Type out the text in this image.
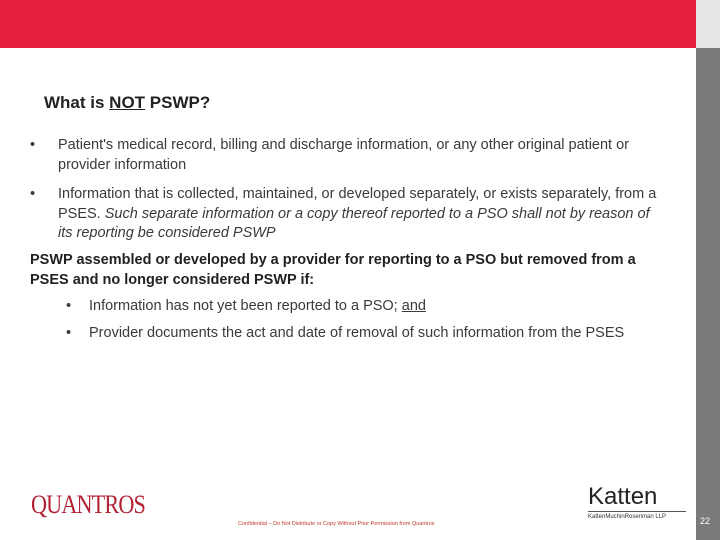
What is NOT PSWP?
• Patient's medical record, billing and discharge information, or any other original patient or provider information
• Information that is collected, maintained, or developed separately, or exists separately, from a PSES. Such separate information or a copy thereof reported to a PSO shall not by reason of its reporting be considered PSWP

PSWP assembled or developed by a provider for reporting to a PSO but removed from a PSES and no longer considered PSWP if:

• Information has not yet been reported to a PSO; and
• Provider documents the act and date of removal of such information from the PSES
QUANTROS
Confidential – Do Not Distribute or Copy Without Prior Permission from Quantros
Katten
KattenMuchinRosenman LLP	22
